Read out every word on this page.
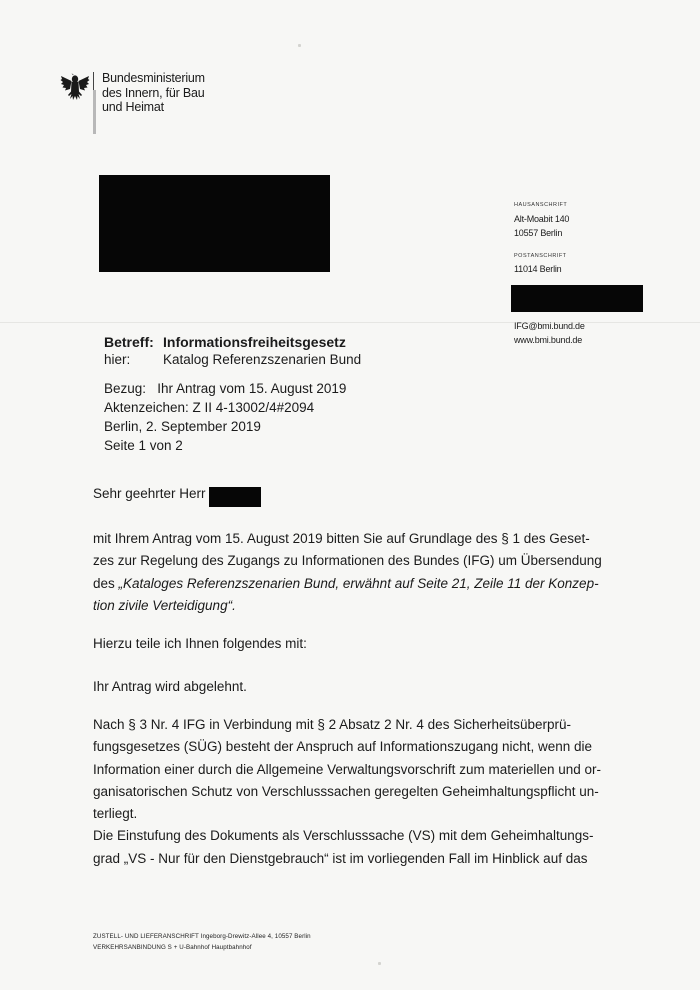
Bundesministerium
des Innern, für Bau
und Heimat
HAUSANSCHRIFT
Alt-Moabit 140
10557 Berlin
POSTANSCHRIFT
11014 Berlin
IFG@bmi.bund.de
www.bmi.bund.de
Betreff: Informationsfreiheitsgesetz
hier: Katalog Referenzszenarien Bund
Bezug:   Ihr Antrag vom 15. August 2019
Aktenzeichen: Z II 4-13002/4#2094
Berlin, 2. September 2019
Seite 1 von 2
Sehr geehrter Herr
mit Ihrem Antrag vom 15. August 2019 bitten Sie auf Grundlage des § 1 des Geset-
zes zur Regelung des Zugangs zu Informationen des Bundes (IFG) um Übersendung
des „Kataloges Referenzszenarien Bund, erwähnt auf Seite 21, Zeile 11 der Konzep-
tion zivile Verteidigung“.
Hierzu teile ich Ihnen folgendes mit:
Ihr Antrag wird abgelehnt.
Nach § 3 Nr. 4 IFG in Verbindung mit § 2 Absatz 2 Nr. 4 des Sicherheitsüberprü-
fungsgesetzes (SÜG) besteht der Anspruch auf Informationszugang nicht, wenn die
Information einer durch die Allgemeine Verwaltungsvorschrift zum materiellen und or-
ganisatorischen Schutz von Verschlusssachen geregelten Geheimhaltungspflicht un-
terliegt.
Die Einstufung des Dokuments als Verschlusssache (VS) mit dem Geheimhaltungs-
grad „VS - Nur für den Dienstgebrauch“ ist im vorliegenden Fall im Hinblick auf das
ZUSTELL- UND LIEFERANSCHRIFT Ingeborg-Drewitz-Allee 4, 10557 Berlin
VERKEHRSANBINDUNG S + U-Bahnhof Hauptbahnhof
